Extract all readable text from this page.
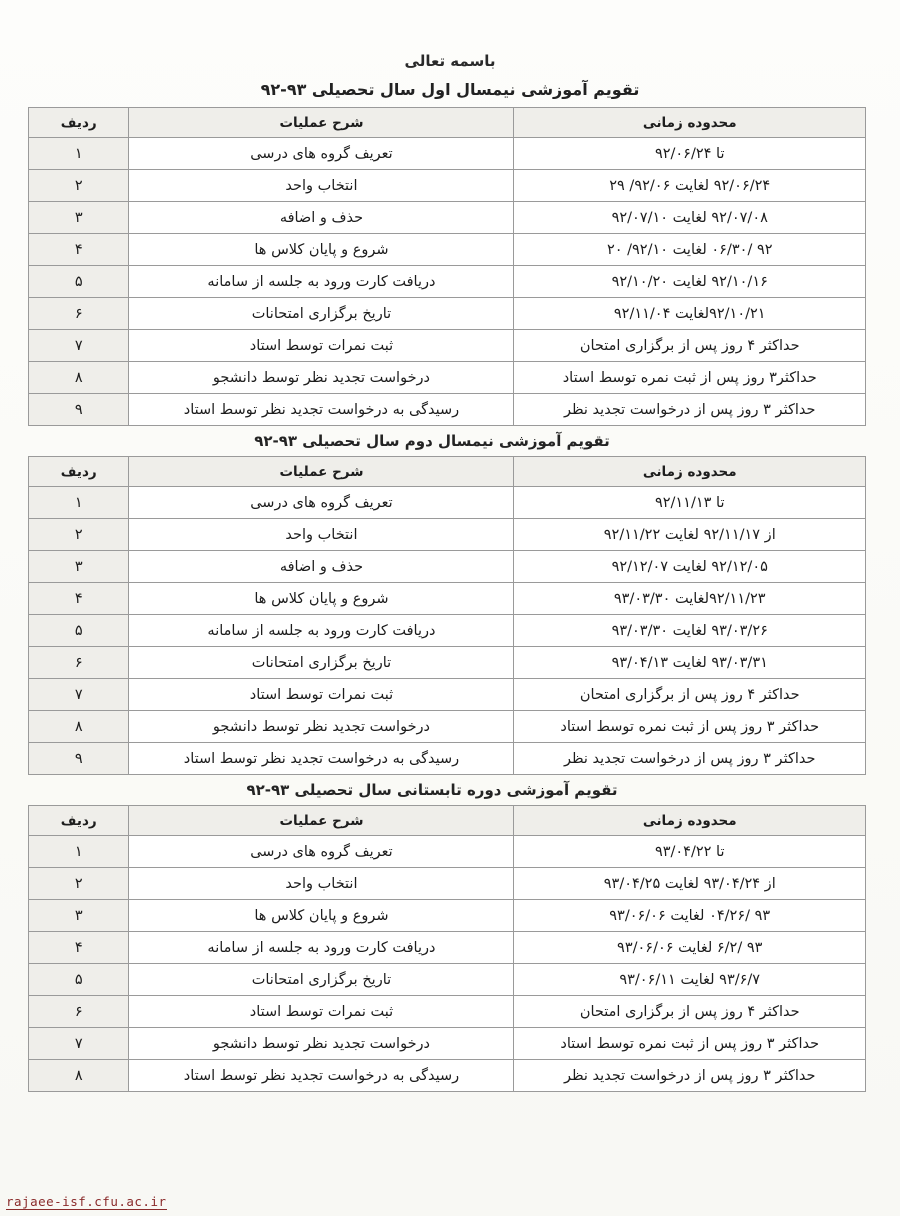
باسمه تعالی
تقویم آموزشی نیمسال اول سال تحصیلی ۹۳-۹۲
محدوده زمانی	شرح عملیات	ردیف
تا ۹۲/۰۶/۲۴	تعریف گروه های درسی	۱
۹۲/۰۶/۲۴ لغایت ۹۲/۰۶/ ۲۹	انتخاب واحد	۲
۹۲/۰۷/۰۸ لغایت ۹۲/۰۷/۱۰	حذف و اضافه	۳
۹۲ /۰۶/۳۰ لغایت ۹۲/۱۰/ ۲۰	شروع و پایان کلاس ها	۴
۹۲/۱۰/۱۶ لغایت ۹۲/۱۰/۲۰	دریافت کارت ورود به جلسه از سامانه	۵
۹۲/۱۰/۲۱لغایت ۹۲/۱۱/۰۴	تاریخ برگزاری امتحانات	۶
حداکثر ۴ روز پس از برگزاری امتحان	ثبت نمرات توسط استاد	۷
حداکثر۳ روز پس از ثبت نمره توسط استاد	درخواست تجدید نظر توسط دانشجو	۸
حداکثر ۳ روز پس از درخواست تجدید نظر	رسیدگی به درخواست تجدید نظر توسط استاد	۹
تقویم آموزشی نیمسال دوم سال تحصیلی ۹۳-۹۲
محدوده زمانی	شرح عملیات	ردیف
تا ۹۲/۱۱/۱۳	تعریف گروه های درسی	۱
از ۹۲/۱۱/۱۷ لغایت ۹۲/۱۱/۲۲	انتخاب واحد	۲
۹۲/۱۲/۰۵ لغایت ۹۲/۱۲/۰۷	حذف و اضافه	۳
۹۲/۱۱/۲۳لغایت ۹۳/۰۳/۳۰	شروع و پایان کلاس ها	۴
۹۳/۰۳/۲۶ لغایت ۹۳/۰۳/۳۰	دریافت کارت ورود به جلسه از سامانه	۵
۹۳/۰۳/۳۱ لغایت ۹۳/۰۴/۱۳	تاریخ برگزاری امتحانات	۶
حداکثر ۴ روز پس از برگزاری امتحان	ثبت نمرات توسط استاد	۷
حداکثر ۳ روز پس از ثبت نمره توسط استاد	درخواست تجدید نظر توسط دانشجو	۸
حداکثر ۳ روز پس از درخواست تجدید نظر	رسیدگی به درخواست تجدید نظر توسط استاد	۹
تقویم آموزشی دوره تابستانی سال تحصیلی ۹۳-۹۲
محدوده زمانی	شرح عملیات	ردیف
تا ۹۳/۰۴/۲۲	تعریف گروه های درسی	۱
از ۹۳/۰۴/۲۴ لغایت ۹۳/۰۴/۲۵	انتخاب واحد	۲
۹۳ /۰۴/۲۶ لغایت ۹۳/۰۶/۰۶	شروع و پایان کلاس ها	۳
۹۳ /۶/۲ لغایت ۹۳/۰۶/۰۶	دریافت کارت ورود به جلسه از سامانه	۴
۹۳/۶/۷ لغایت ۹۳/۰۶/۱۱	تاریخ برگزاری امتحانات	۵
حداکثر ۴ روز پس از برگزاری امتحان	ثبت نمرات توسط استاد	۶
حداکثر ۳ روز پس از ثبت نمره توسط استاد	درخواست تجدید نظر توسط دانشجو	۷
حداکثر ۳ روز پس از درخواست تجدید نظر	رسیدگی به درخواست تجدید نظر توسط استاد	۸
rajaee-isf.cfu.ac.ir
